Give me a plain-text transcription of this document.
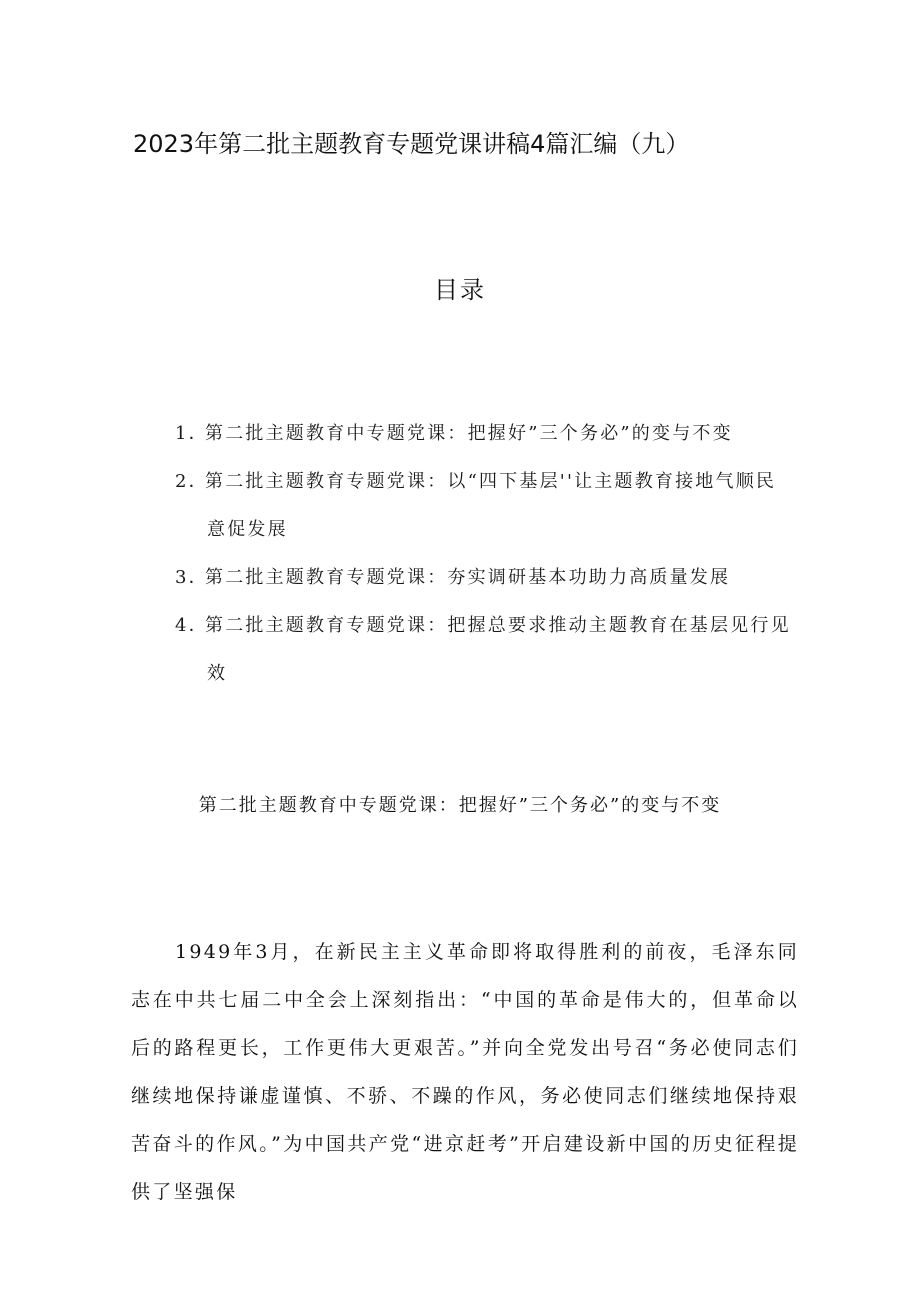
2023年第二批主题教育专题党课讲稿4篇汇编（九）
目录
1．第二批主题教育中专题党课：把握好”三个务必”的变与不变
2．第二批主题教育专题党课：以“四下基层''让主题教育接地气顺民
意促发展
3．第二批主题教育专题党课：夯实调研基本功助力高质量发展
4．第二批主题教育专题党课：把握总要求推动主题教育在基层见行见
效
第二批主题教育中专题党课：把握好”三个务必”的变与不变
1949年3月，在新民主主义革命即将取得胜利的前夜，毛泽东同志在中共七届二中全会上深刻指出：“中国的革命是伟大的，但革命以后的路程更长，工作更伟大更艰苦。”并向全党发出号召“务必使同志们继续地保持谦虚谨慎、不骄、不躁的作风，务必使同志们继续地保持艰苦奋斗的作风。”为中国共产党“进京赶考”开启建设新中国的历史征程提供了坚强保
